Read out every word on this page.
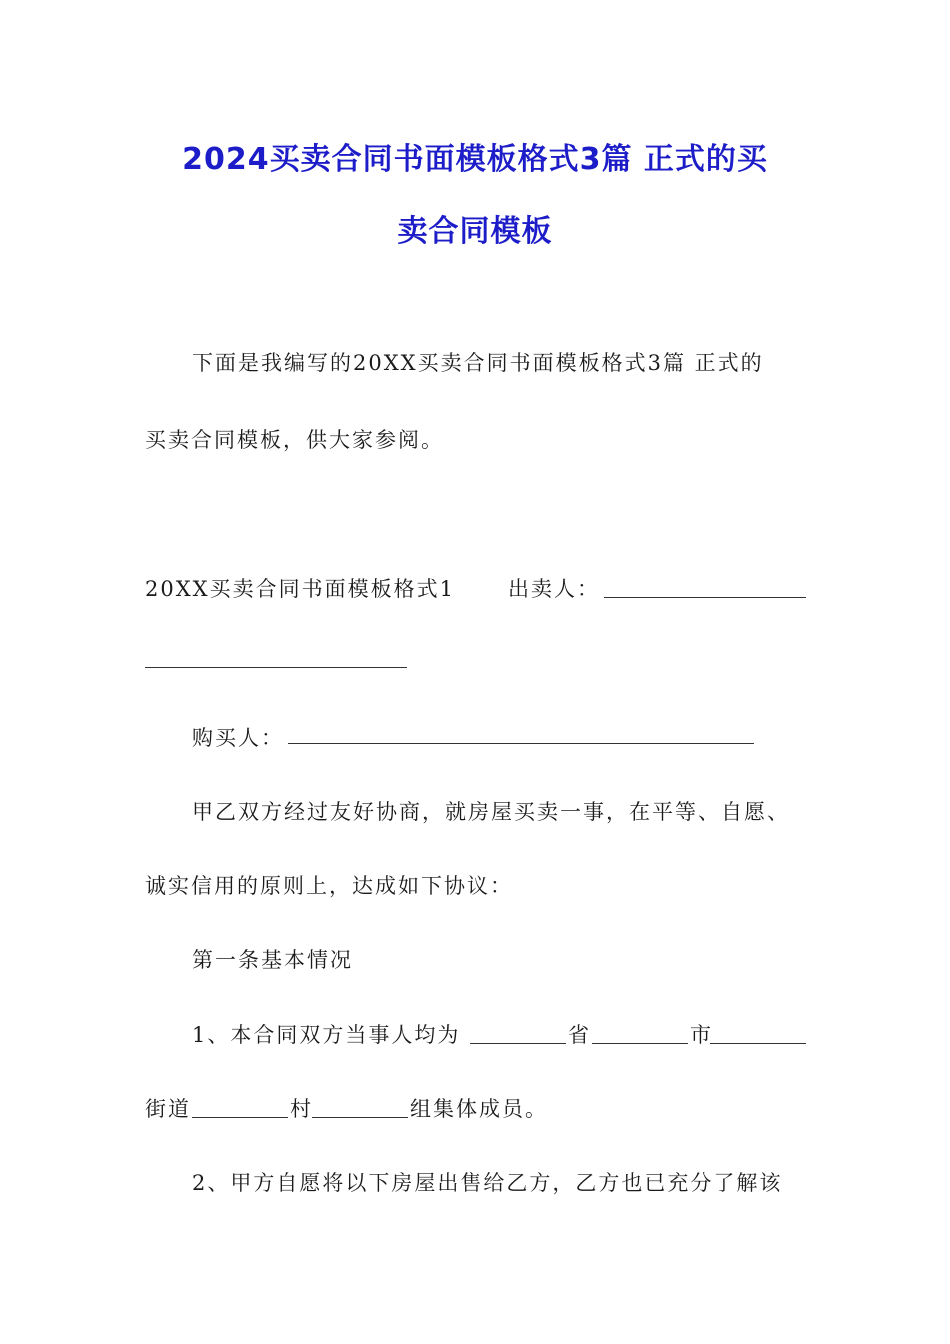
2024买卖合同书面模板格式3篇 正式的买
卖合同模板
下面是我编写的20XX买卖合同书面模板格式3篇 正式的
买卖合同模板，供大家参阅。
20XX买卖合同书面模板格式1	出卖人：
购买人：
甲乙双方经过友好协商，就房屋买卖一事，在平等、自愿、
诚实信用的原则上，达成如下协议：
第一条基本情况
1、本合同双方当事人均为	省	市
街道	村	组集体成员。
2、甲方自愿将以下房屋出售给乙方，乙方也已充分了解该
